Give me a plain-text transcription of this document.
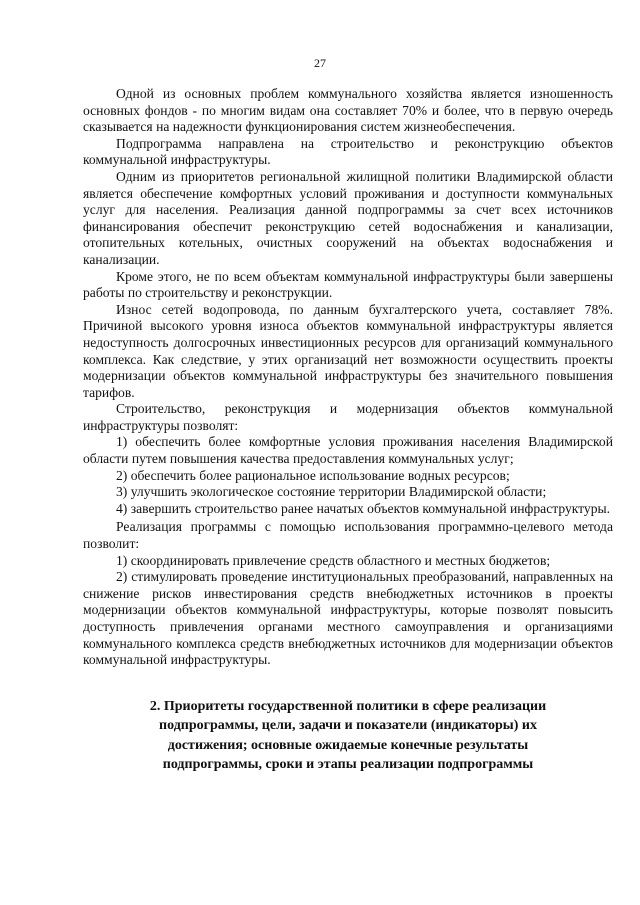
27

Одной из основных проблем коммунального хозяйства является изношенность основных фондов - по многим видам она составляет 70% и более, что в первую очередь сказывается на надежности функционирования систем жизнеобеспечения.

Подпрограмма направлена на строительство и реконструкцию объектов коммунальной инфраструктуры.

Одним из приоритетов региональной жилищной политики Владимирской области является обеспечение комфортных условий проживания и доступности коммунальных услуг для населения. Реализация данной подпрограммы за счет всех источников финансирования обеспечит реконструкцию сетей водоснабжения и канализации, отопительных котельных, очистных сооружений на объектах водоснабжения и канализации.

Кроме этого, не по всем объектам коммунальной инфраструктуры были завершены работы по строительству и реконструкции.

Износ сетей водопровода, по данным бухгалтерского учета, составляет 78%. Причиной высокого уровня износа объектов коммунальной инфраструктуры является недоступность долгосрочных инвестиционных ресурсов для организаций коммунального комплекса. Как следствие, у этих организаций нет возможности осуществить проекты модернизации объектов коммунальной инфраструктуры без значительного повышения тарифов.

Строительство, реконструкция и модернизация объектов коммунальной инфраструктуры позволят:

1) обеспечить более комфортные условия проживания населения Владимирской области путем повышения качества предоставления коммунальных услуг;

2) обеспечить более рациональное использование водных ресурсов;

3) улучшить экологическое состояние территории Владимирской области;

4) завершить строительство ранее начатых объектов коммунальной инфраструктуры.

Реализация программы с помощью использования программно-целевого метода позволит:

1) скоординировать привлечение средств областного и местных бюджетов;

2) стимулировать проведение институциональных преобразований, направленных на снижение рисков инвестирования средств внебюджетных источников в проекты модернизации объектов коммунальной инфраструктуры, которые позволят повысить доступность привлечения органами местного самоуправления и организациями коммунального комплекса средств внебюджетных источников для модернизации объектов коммунальной инфраструктуры.

2. Приоритеты государственной политики в сфере реализации
подпрограммы, цели, задачи и показатели (индикаторы) их
достижения; основные ожидаемые конечные результаты
подпрограммы, сроки и этапы реализации подпрограммы
